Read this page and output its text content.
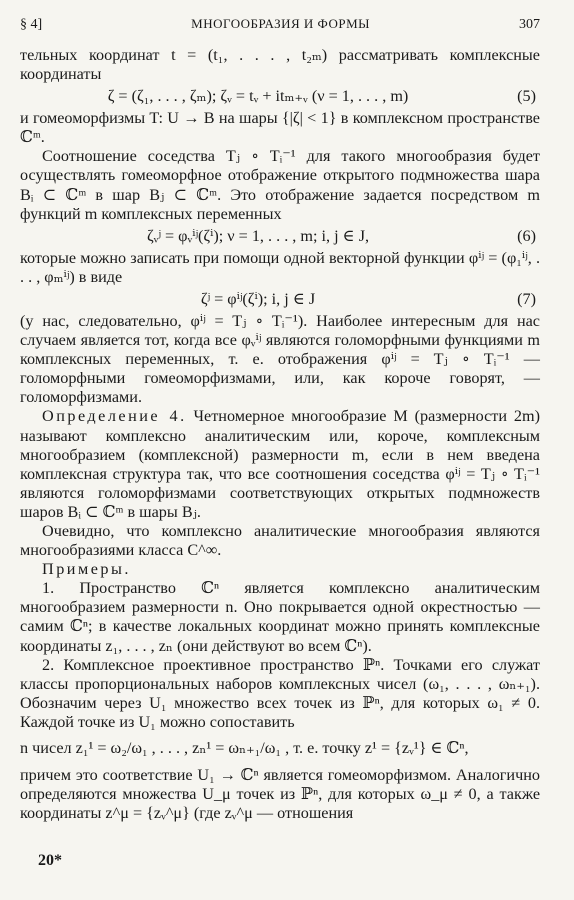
§ 4]	МНОГООБРАЗИЯ И ФОРМЫ	307

тельных координат t = (t₁, . . . , t₂ₘ) рассматривать комплексные координаты

ζ = (ζ₁, . . . , ζₘ); ζᵥ = tᵥ + itₘ₊ᵥ (ν = 1, . . . , m)	(5)

и гомеоморфизмы T: U → B на шары {|ζ| < 1} в комплексном пространстве ℂᵐ.

Соотношение соседства Tⱼ ∘ Tᵢ⁻¹ для такого многообразия будет осуществлять гомеоморфное отображение открытого подмножества шара Bᵢ ⊂ ℂᵐ в шар Bⱼ ⊂ ℂᵐ. Это отображение задается посредством m функций m комплексных переменных

ζᵥʲ = φᵥⁱʲ(ζⁱ); ν = 1, . . . , m; i, j ∈ J,	(6)

которые можно записать при помощи одной векторной функции φⁱʲ = (φ₁ⁱʲ, . . . , φₘⁱʲ) в виде

ζʲ = φⁱʲ(ζⁱ); i, j ∈ J	(7)

(у нас, следовательно, φⁱʲ = Tⱼ ∘ Tᵢ⁻¹). Наиболее интересным для нас случаем является тот, когда все φᵥⁱʲ являются голоморфными функциями m комплексных переменных, т. е. отображения φⁱʲ = Tⱼ ∘ Tᵢ⁻¹ — голоморфными гомеоморфизмами, или, как короче говорят, — голоморфизмами.

Определение 4. Четномерное многообразие M (размерности 2m) называют комплексно аналитическим или, короче, комплексным многообразием (комплексной) размерности m, если в нем введена комплексная структура так, что все соотношения соседства φⁱʲ = Tⱼ ∘ Tᵢ⁻¹ являются голоморфизмами соответствующих открытых подмножеств шаров Bᵢ ⊂ ℂᵐ в шары Bⱼ.

Очевидно, что комплексно аналитические многообразия являются многообразиями класса C^∞.

Примеры.

1. Пространство ℂⁿ является комплексно аналитическим многообразием размерности n. Оно покрывается одной окрестностью — самим ℂⁿ; в качестве локальных координат можно принять комплексные координаты z₁, . . . , zₙ (они действуют во всем ℂⁿ).

2. Комплексное проективное пространство ℙⁿ. Точками его служат классы пропорциональных наборов комплексных чисел (ω₁, . . . , ωₙ₊₁). Обозначим через U₁ множество всех точек из ℙⁿ, для которых ω₁ ≠ 0. Каждой точке из U₁ можно сопоставить

n чисел z₁¹ = ω₂/ω₁ , . . . , zₙ¹ = ωₙ₊₁/ω₁ , т. е. точку z¹ = {zᵥ¹} ∈ ℂⁿ,

причем это соответствие U₁ → ℂⁿ является гомеоморфизмом. Аналогично определяются множества U_μ точек из ℙⁿ, для которых ω_μ ≠ 0, а также координаты z^μ = {zᵥ^μ} (где zᵥ^μ — отношения

20*
